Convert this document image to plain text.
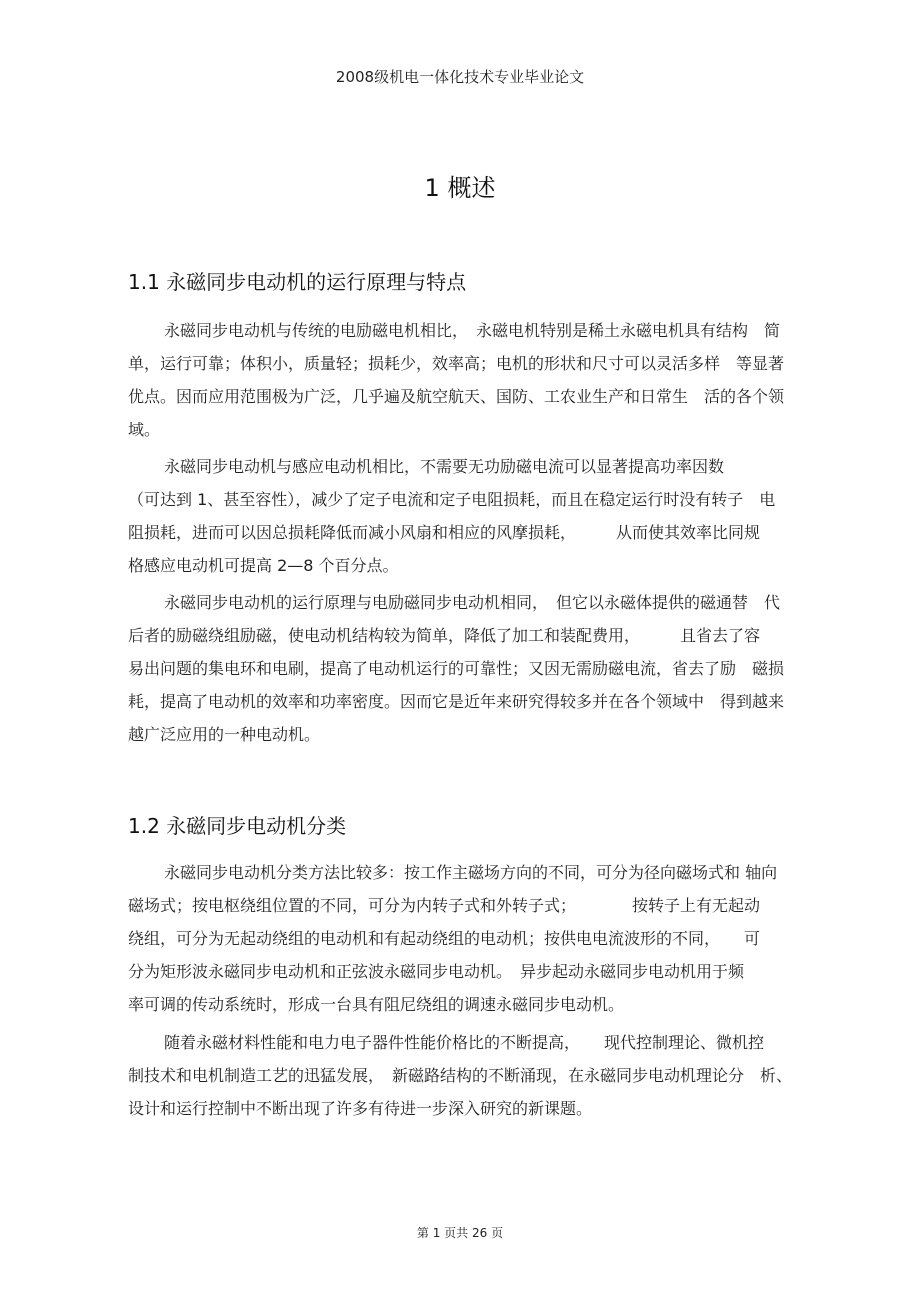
2008级机电一体化技术专业毕业论文
1 概述
1.1 永磁同步电动机的运行原理与特点
永磁同步电动机与传统的电励磁电机相比，　永磁电机特别是稀土永磁电机具有结构　简
单，运行可靠；体积小，质量轻；损耗少，效率高；电机的形状和尺寸可以灵活多样　等显著
优点。因而应用范围极为广泛，几乎遍及航空航天、国防、工农业生产和日常生　活的各个领
域。
永磁同步电动机与感应电动机相比，不需要无功励磁电流可以显著提高功率因数
（可达到 1、甚至容性），减少了定子电流和定子电阻损耗，而且在稳定运行时没有转子　电
阻损耗，进而可以因总损耗降低而减小风扇和相应的风摩损耗，　　　从而使其效率比同规
格感应电动机可提高 2—8 个百分点。
永磁同步电动机的运行原理与电励磁同步电动机相同，　但它以永磁体提供的磁通替　代
后者的励磁绕组励磁，使电动机结构较为简单，降低了加工和装配费用，　　　且省去了容
易出问题的集电环和电刷，提高了电动机运行的可靠性；又因无需励磁电流，省去了励　磁损
耗，提高了电动机的效率和功率密度。因而它是近年来研究得较多并在各个领域中　得到越来
越广泛应用的一种电动机。
1.2 永磁同步电动机分类
永磁同步电动机分类方法比较多：按工作主磁场方向的不同，可分为径向磁场式和 轴向
磁场式；按电枢绕组位置的不同，可分为内转子式和外转子式；　　　　按转子上有无起动
绕组，可分为无起动绕组的电动机和有起动绕组的电动机；按供电电流波形的不同，　　可
分为矩形波永磁同步电动机和正弦波永磁同步电动机。　异步起动永磁同步电动机用于频
率可调的传动系统时，形成一台具有阻尼绕组的调速永磁同步电动机。
随着永磁材料性能和电力电子器件性能价格比的不断提高，　　现代控制理论、微机控
制技术和电机制造工艺的迅猛发展，　新磁路结构的不断涌现，在永磁同步电动机理论分　析、
设计和运行控制中不断出现了许多有待进一步深入研究的新课题。
第 1 页共 26 页
